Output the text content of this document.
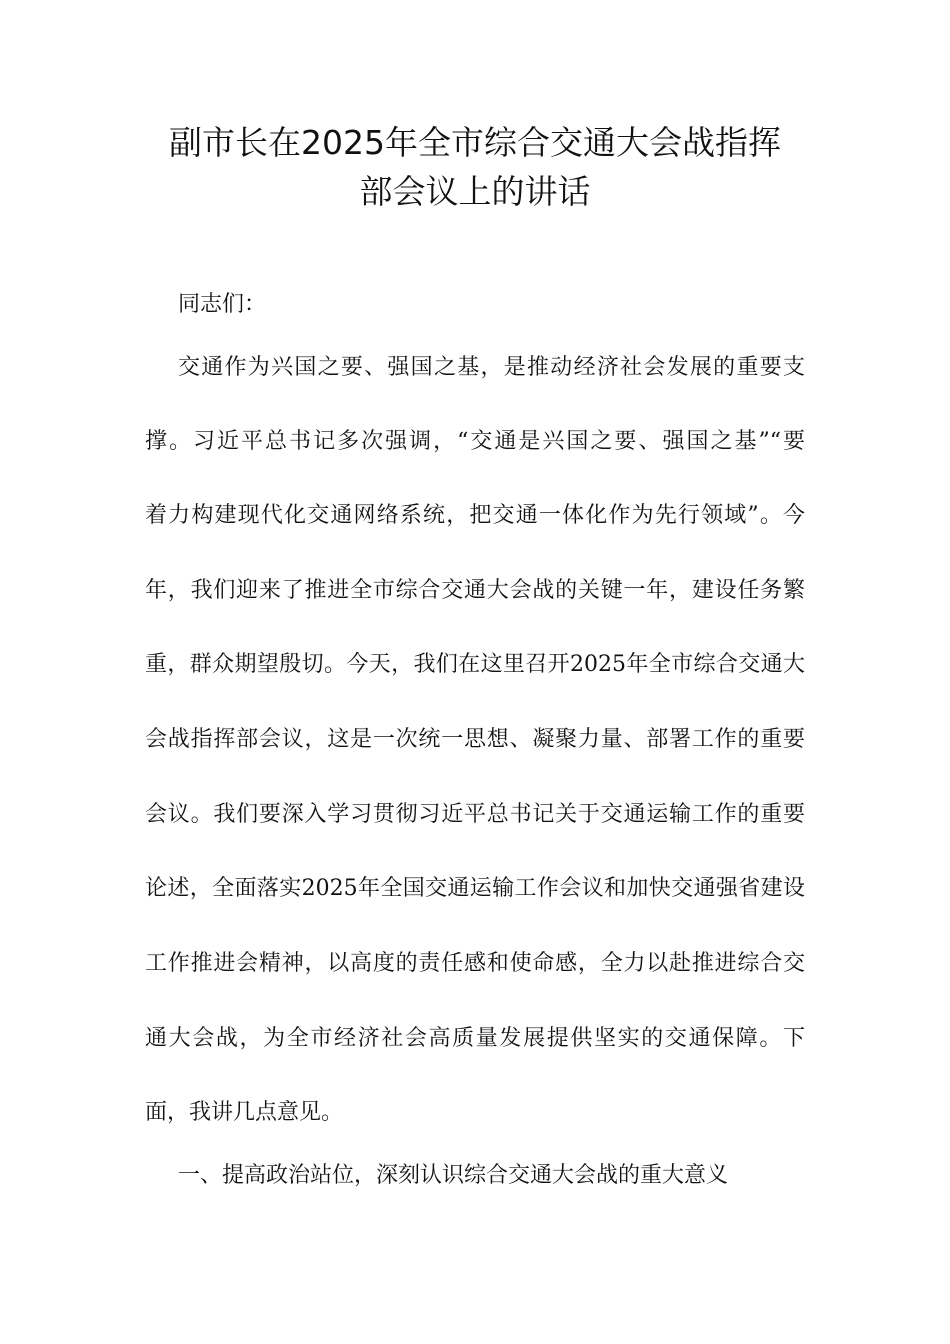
副市长在2025年全市综合交通大会战指挥
部会议上的讲话
同志们：
交通作为兴国之要、强国之基，是推动经济社会发展的重要支
撑。习近平总书记多次强调，“交通是兴国之要、强国之基”“要
着力构建现代化交通网络系统，把交通一体化作为先行领域”。今
年，我们迎来了推进全市综合交通大会战的关键一年，建设任务繁
重，群众期望殷切。今天，我们在这里召开2025年全市综合交通大
会战指挥部会议，这是一次统一思想、凝聚力量、部署工作的重要
会议。我们要深入学习贯彻习近平总书记关于交通运输工作的重要
论述，全面落实2025年全国交通运输工作会议和加快交通强省建设
工作推进会精神，以高度的责任感和使命感，全力以赴推进综合交
通大会战，为全市经济社会高质量发展提供坚实的交通保障。下
面，我讲几点意见。
一、提高政治站位，深刻认识综合交通大会战的重大意义
